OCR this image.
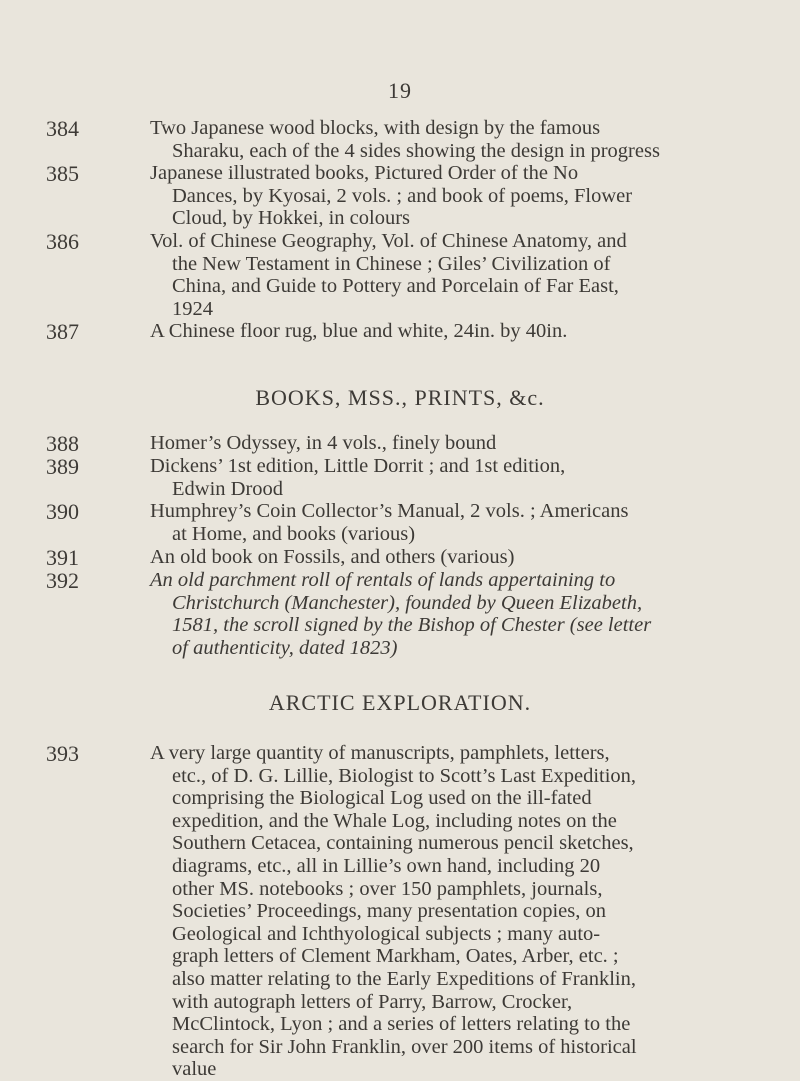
19
384	Two Japanese wood blocks, with design by the famous
Sharaku, each of the 4 sides showing the design in progress
385	Japanese illustrated books, Pictured Order of the No
Dances, by Kyosai, 2 vols. ; and book of poems, Flower
Cloud, by Hokkei, in colours
386	Vol. of Chinese Geography, Vol. of Chinese Anatomy, and
the New Testament in Chinese ; Giles’ Civilization of
China, and Guide to Pottery and Porcelain of Far East,
1924
387	A Chinese floor rug, blue and white, 24in. by 40in.
BOOKS, MSS., PRINTS, &c.
388	Homer’s Odyssey, in 4 vols., finely bound
389	Dickens’ 1st edition, Little Dorrit ; and 1st edition,
Edwin Drood
390	Humphrey’s Coin Collector’s Manual, 2 vols. ; Americans
at Home, and books (various)
391	An old book on Fossils, and others (various)
392	An old parchment roll of rentals of lands appertaining to
Christchurch (Manchester), founded by Queen Elizabeth,
1581, the scroll signed by the Bishop of Chester (see letter
of authenticity, dated 1823)
ARCTIC EXPLORATION.
393	A very large quantity of manuscripts, pamphlets, letters,
etc., of D. G. Lillie, Biologist to Scott’s Last Expedition,
comprising the Biological Log used on the ill-fated
expedition, and the Whale Log, including notes on the
Southern Cetacea, containing numerous pencil sketches,
diagrams, etc., all in Lillie’s own hand, including 20
other MS. notebooks ; over 150 pamphlets, journals,
Societies’ Proceedings, many presentation copies, on
Geological and Ichthyological subjects ; many auto-
graph letters of Clement Markham, Oates, Arber, etc. ;
also matter relating to the Early Expeditions of Franklin,
with autograph letters of Parry, Barrow, Crocker,
McClintock, Lyon ; and a series of letters relating to the
search for Sir John Franklin, over 200 items of historical
value
